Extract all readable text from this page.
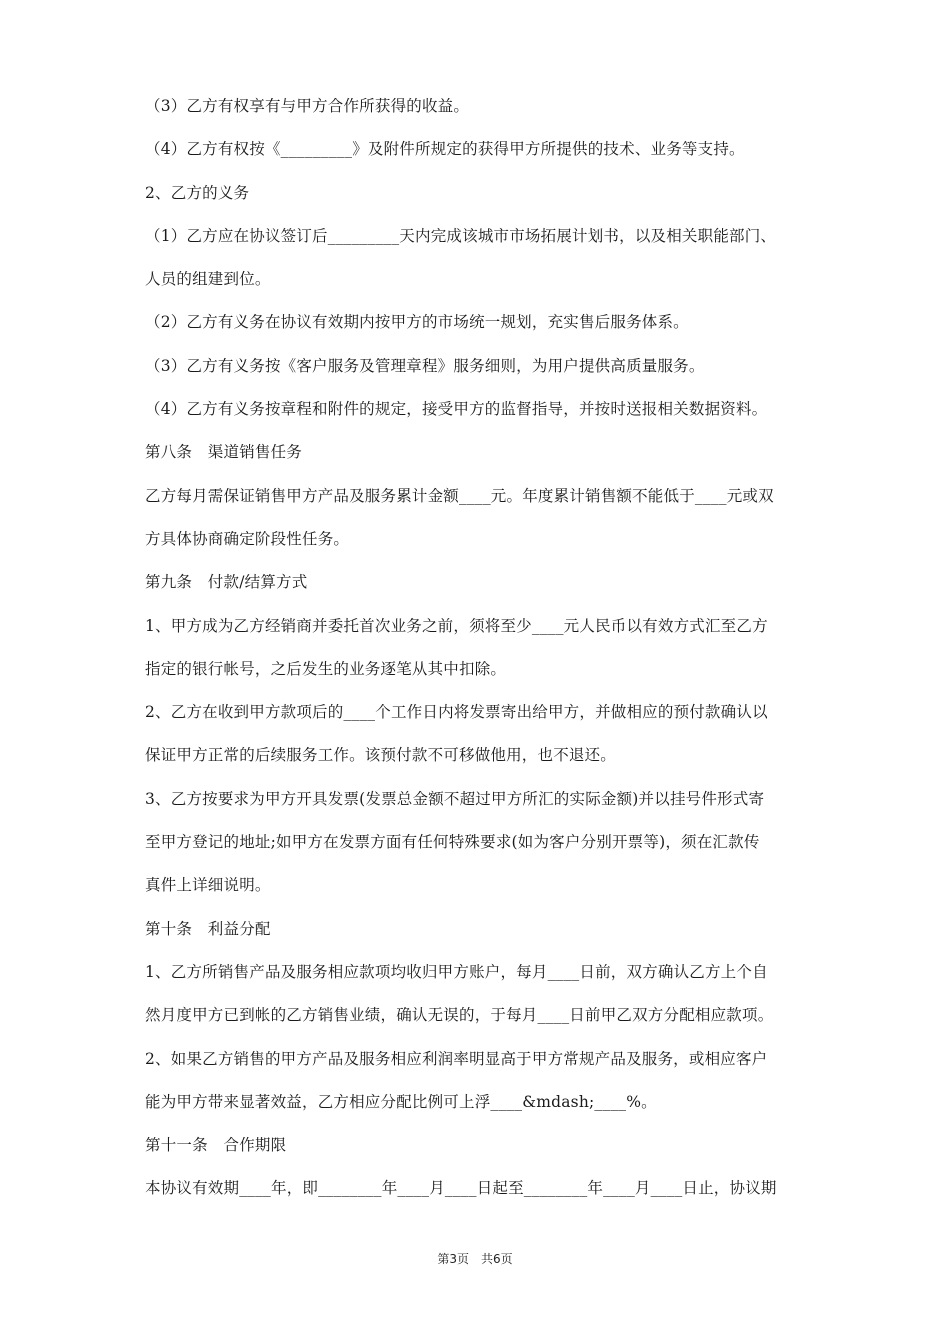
（3）乙方有权享有与甲方合作所获得的收益。
（4）乙方有权按《_________》及附件所规定的获得甲方所提供的技术、业务等支持。
2、乙方的义务
（1）乙方应在协议签订后_________天内完成该城市市场拓展计划书，以及相关职能部门、
人员的组建到位。
（2）乙方有义务在协议有效期内按甲方的市场统一规划，充实售后服务体系。
（3）乙方有义务按《客户服务及管理章程》服务细则，为用户提供高质量服务。
（4）乙方有义务按章程和附件的规定，接受甲方的监督指导，并按时送报相关数据资料。
第八条　渠道销售任务
乙方每月需保证销售甲方产品及服务累计金额____元。年度累计销售额不能低于____元或双
方具体协商确定阶段性任务。
第九条　付款/结算方式
1、甲方成为乙方经销商并委托首次业务之前，须将至少____元人民币以有效方式汇至乙方
指定的银行帐号，之后发生的业务逐笔从其中扣除。
2、乙方在收到甲方款项后的____个工作日内将发票寄出给甲方，并做相应的预付款确认以
保证甲方正常的后续服务工作。该预付款不可移做他用，也不退还。
3、乙方按要求为甲方开具发票(发票总金额不超过甲方所汇的实际金额)并以挂号件形式寄
至甲方登记的地址;如甲方在发票方面有任何特殊要求(如为客户分别开票等)，须在汇款传
真件上详细说明。
第十条　利益分配
1、乙方所销售产品及服务相应款项均收归甲方账户，每月____日前，双方确认乙方上个自
然月度甲方已到帐的乙方销售业绩，确认无误的，于每月____日前甲乙双方分配相应款项。
2、如果乙方销售的甲方产品及服务相应利润率明显高于甲方常规产品及服务，或相应客户
能为甲方带来显著效益，乙方相应分配比例可上浮____&mdash;____%。
第十一条　合作期限
本协议有效期____年，即________年____月____日起至________年____月____日止，协议期
第3页　共6页
